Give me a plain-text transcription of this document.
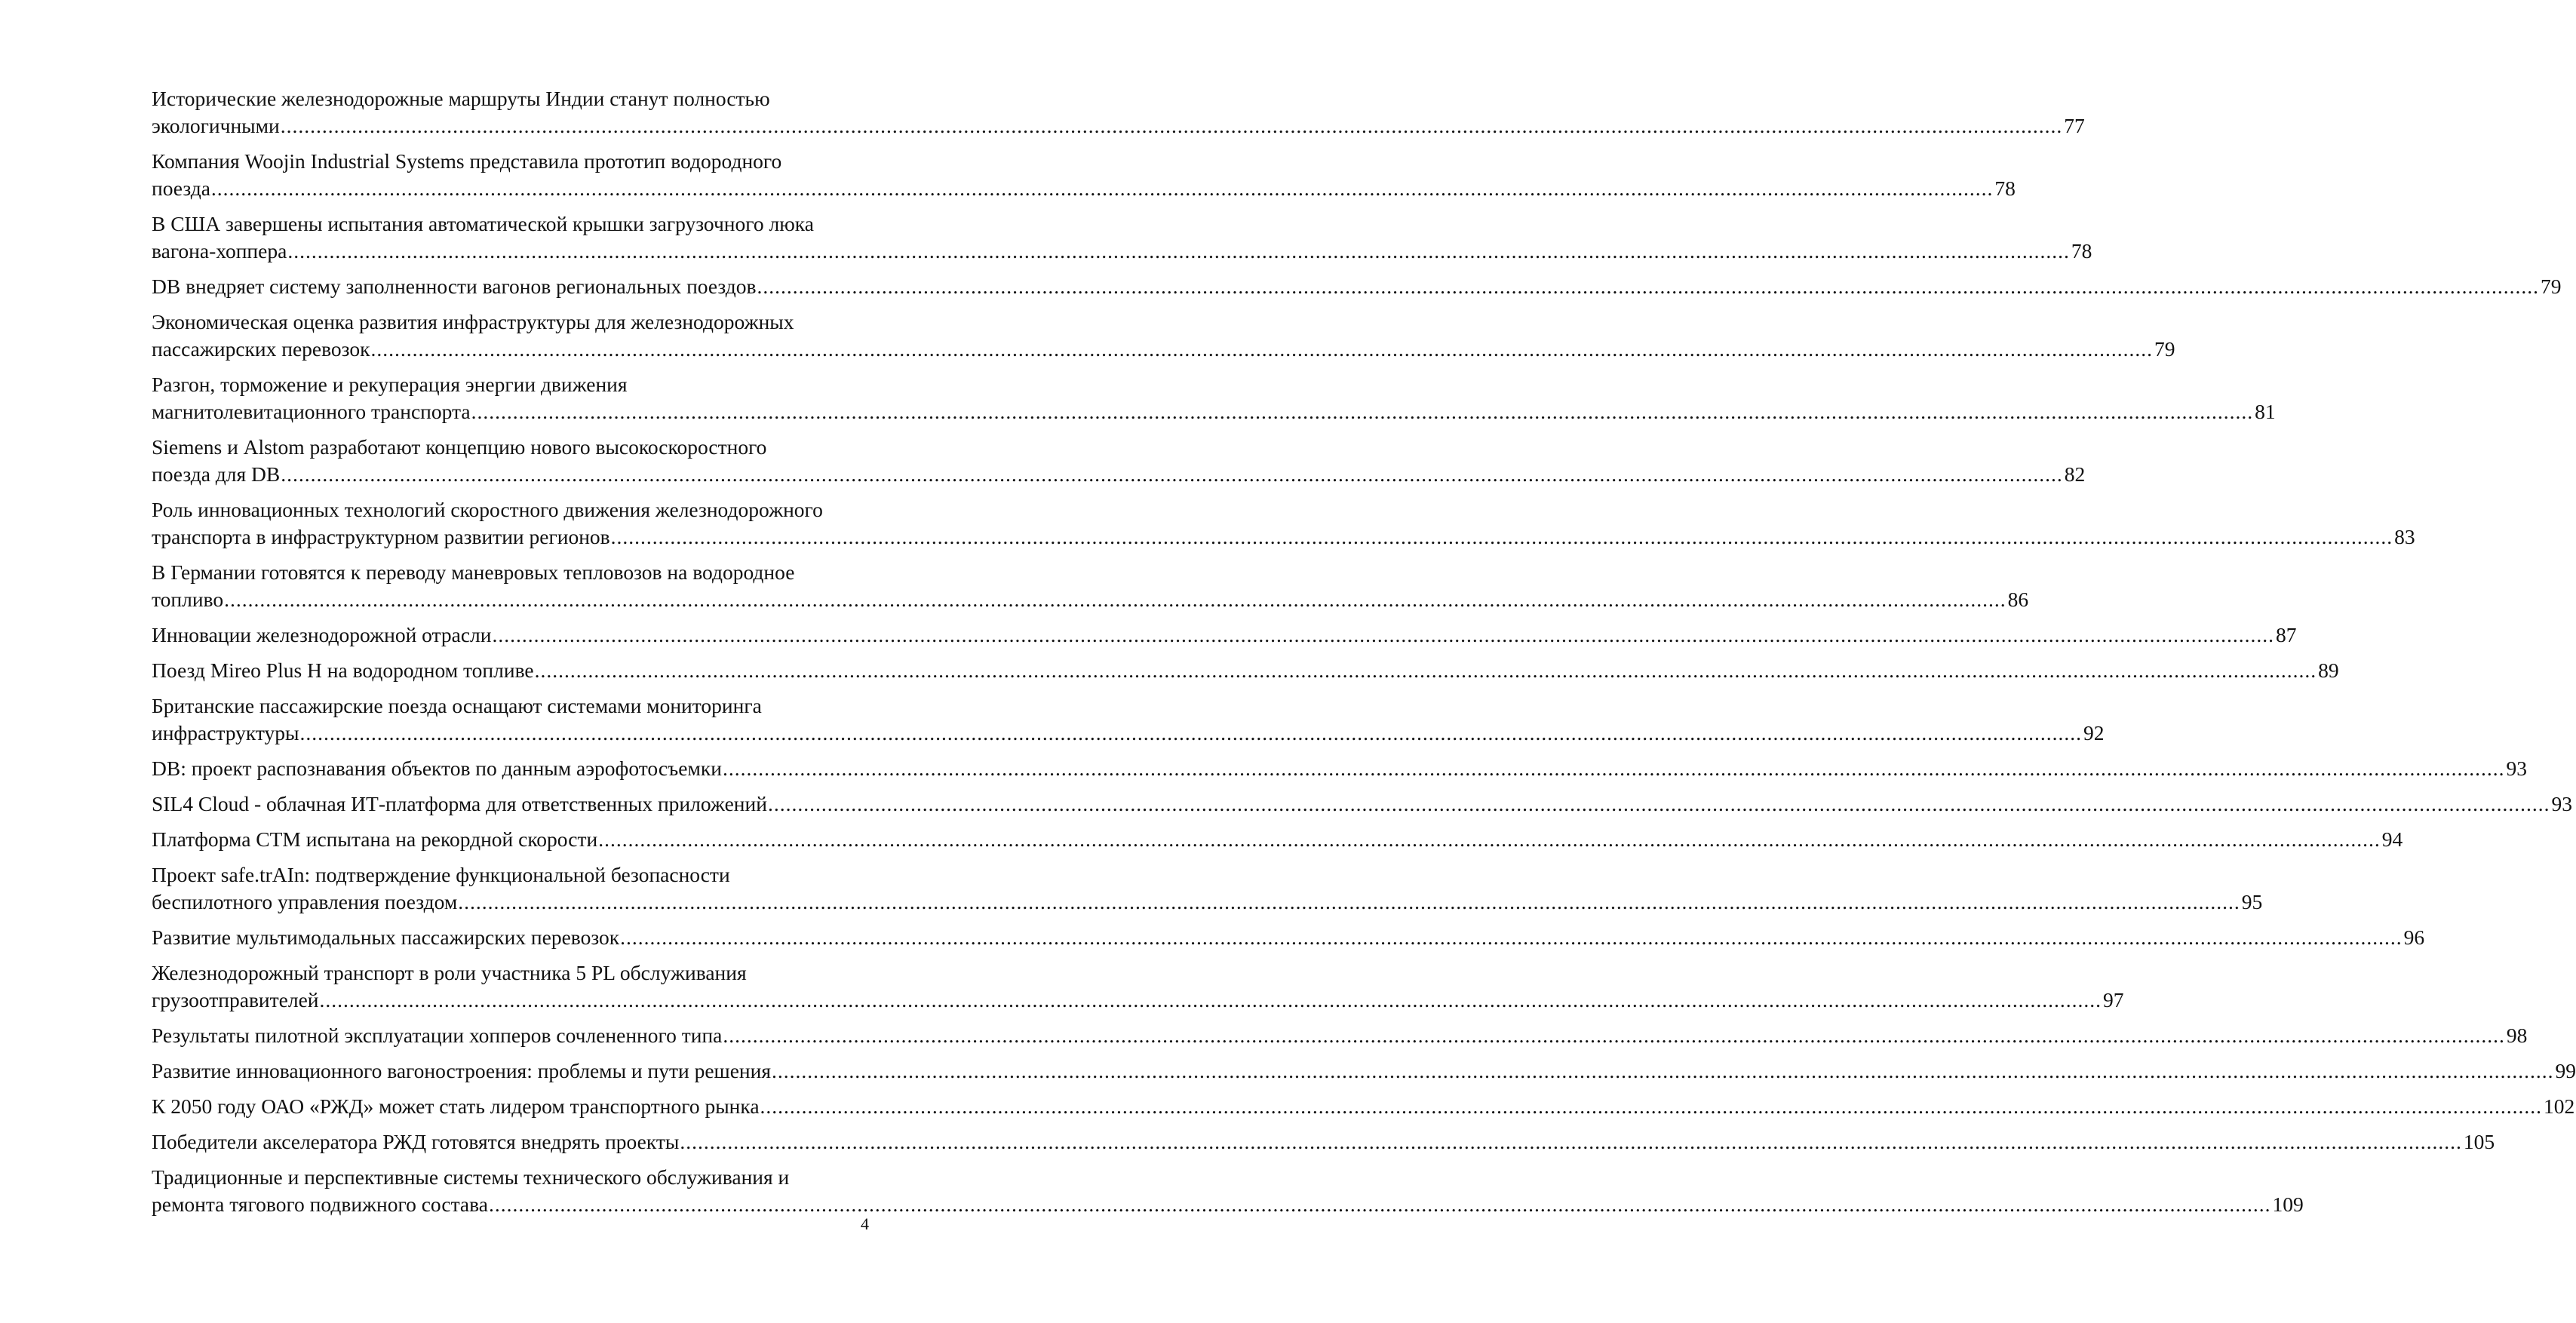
Исторические железнодорожные маршруты Индии станут полностью
экологичными ............................................................................................................................................................................................................................................................................................................ 77
Компания Woojin Industrial Systems представила прототип водородного
поезда ............................................................................................................................................................................................................................................................................................................ 78
В США завершены испытания автоматической крышки загрузочного люка
вагона-хоппера ............................................................................................................................................................................................................................................................................................................ 78
DB внедряет систему заполненности вагонов региональных поездов ............................................................................................................................................................................................................................................................................................................ 79
Экономическая оценка развития инфраструктуры для железнодорожных
пассажирских перевозок ............................................................................................................................................................................................................................................................................................................ 79
Разгон, торможение и рекуперация энергии движения
магнитолевитационного транспорта ............................................................................................................................................................................................................................................................................................................ 81
Siemens и Alstom разработают концепцию нового высокоскоростного
поезда для DB ............................................................................................................................................................................................................................................................................................................ 82
Роль инновационных технологий скоростного движения железнодорожного
транспорта в инфраструктурном развитии регионов ............................................................................................................................................................................................................................................................................................................ 83
В Германии готовятся к переводу маневровых тепловозов на водородное
топливо ............................................................................................................................................................................................................................................................................................................ 86
Инновации железнодорожной отрасли ............................................................................................................................................................................................................................................................................................................ 87
Поезд Mireo Plus H на водородном топливе ............................................................................................................................................................................................................................................................................................................ 89
Британские пассажирские поезда оснащают системами мониторинга
инфраструктуры ............................................................................................................................................................................................................................................................................................................ 92
DB: проект распознавания объектов по данным аэрофотосъемки ............................................................................................................................................................................................................................................................................................................ 93
SIL4 Cloud - облачная ИТ-платформа для ответственных приложений ............................................................................................................................................................................................................................................................................................................ 93
Платформа CTM испытана на рекордной скорости ............................................................................................................................................................................................................................................................................................................ 94
Проект safe.trAIn: подтверждение функциональной безопасности
беспилотного управления поездом ............................................................................................................................................................................................................................................................................................................ 95
Развитие мультимодальных пассажирских перевозок ............................................................................................................................................................................................................................................................................................................ 96
Железнодорожный транспорт в роли участника 5 PL обслуживания
грузоотправителей ............................................................................................................................................................................................................................................................................................................ 97
Результаты пилотной эксплуатации хопперов сочлененного типа ............................................................................................................................................................................................................................................................................................................ 98
Развитие инновационного вагоностроения: проблемы и пути решения ............................................................................................................................................................................................................................................................................................................ 99
К 2050 году ОАО «РЖД» может стать лидером транспортного рынка ............................................................................................................................................................................................................................................................................................................ 102
Победители акселератора РЖД готовятся внедрять проекты ............................................................................................................................................................................................................................................................................................................ 105
Традиционные и перспективные системы технического обслуживания и
ремонта тягового подвижного состава ............................................................................................................................................................................................................................................................................................................ 109
4
